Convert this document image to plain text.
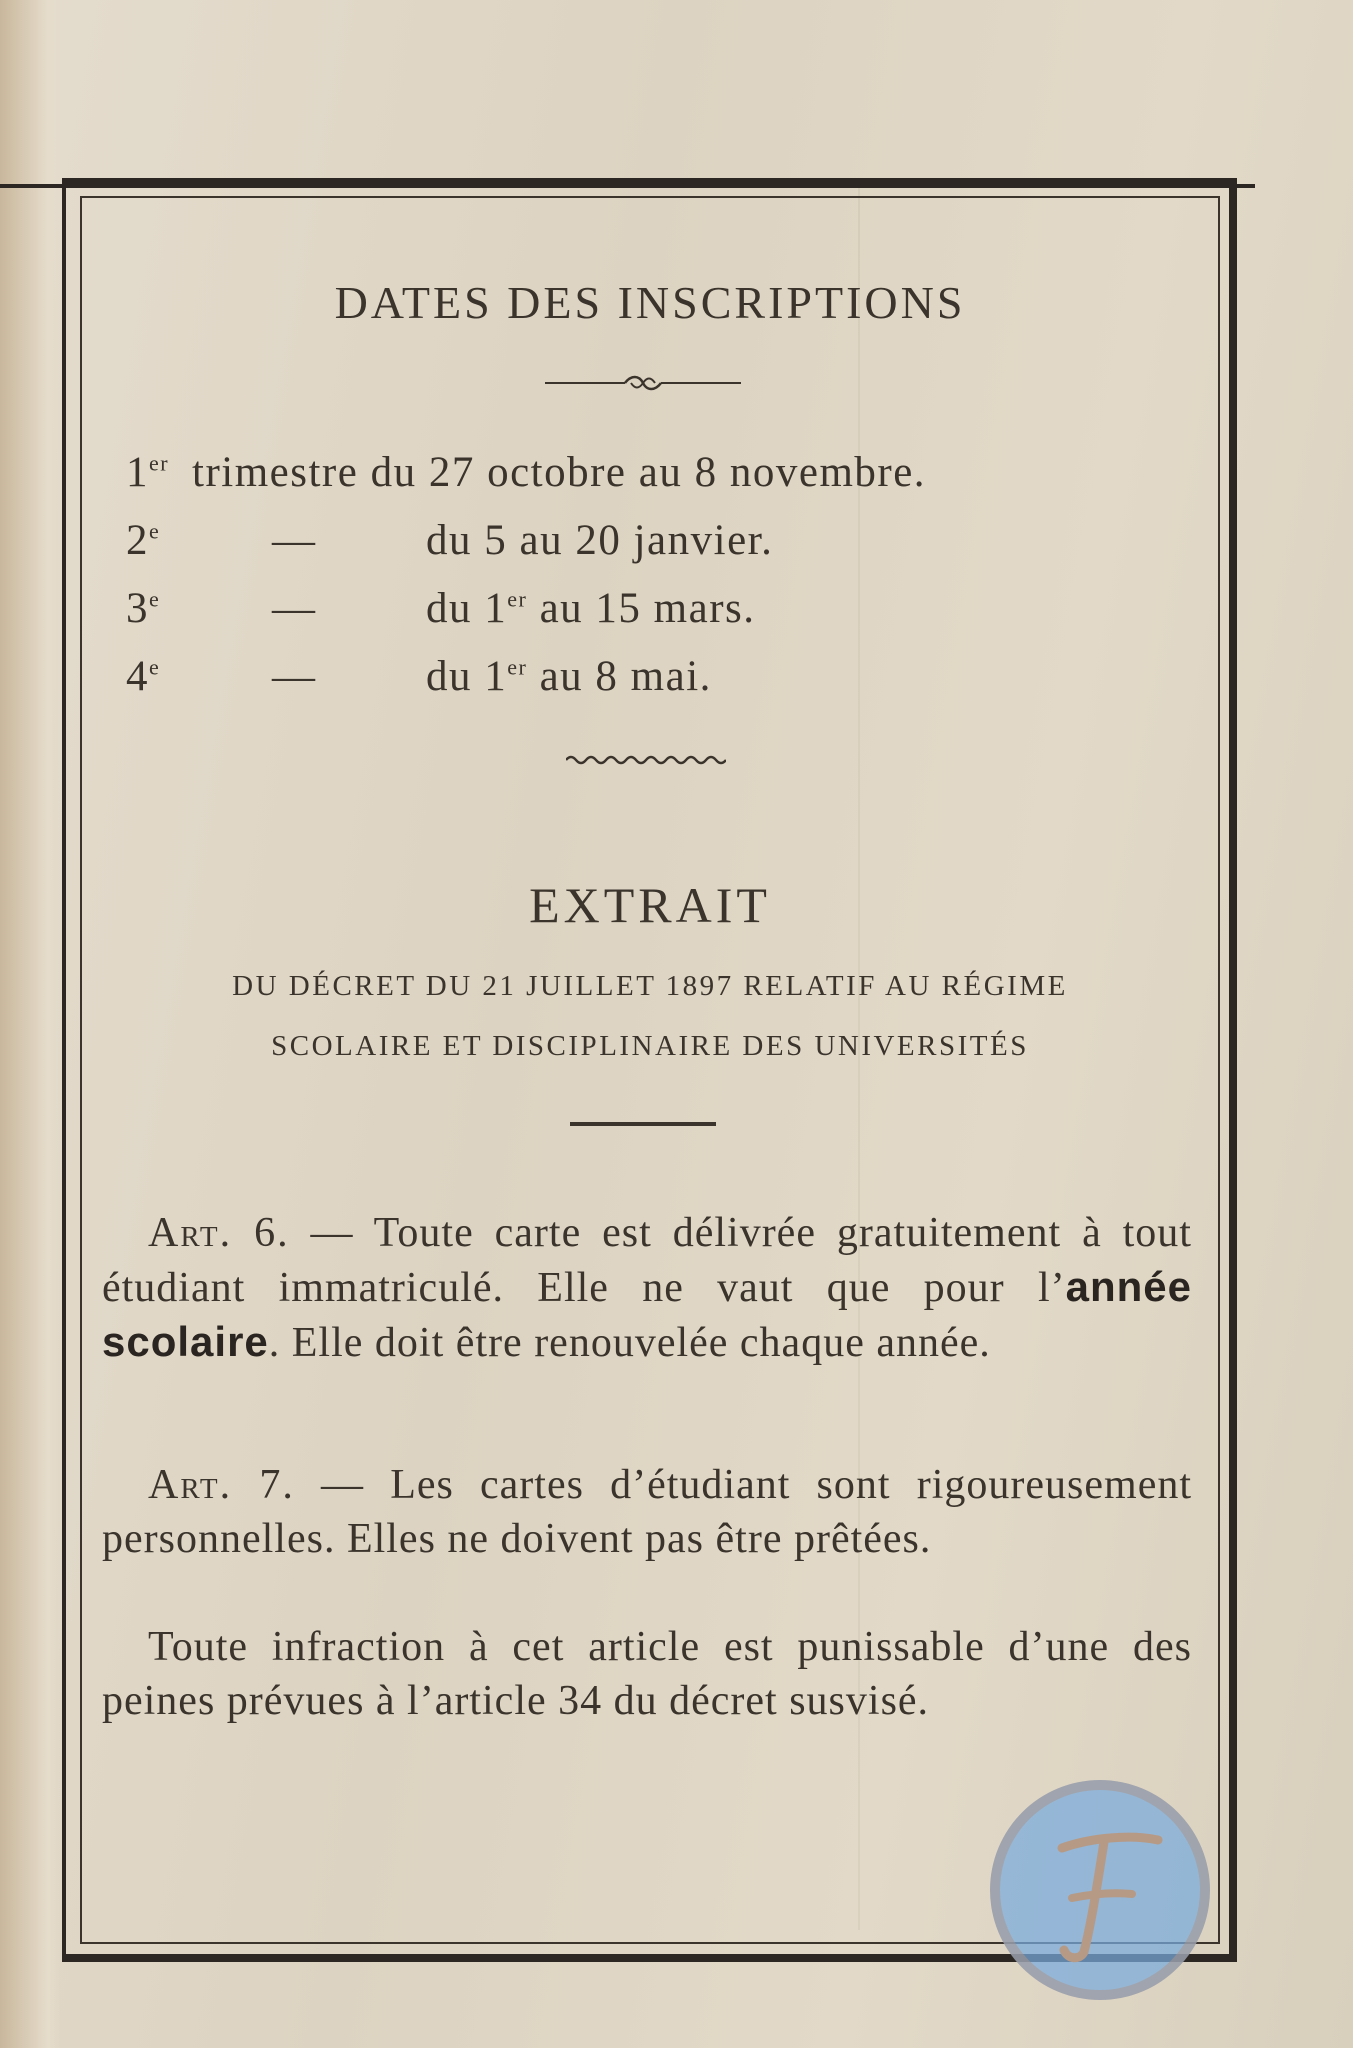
DATES DES INSCRIPTIONS
1er trimestre du 27 octobre au 8 novembre.
2e	—	du 5 au 20 janvier.
3e	—	du 1er au 15 mars.
4e	—	du 1er au 8 mai.
EXTRAIT
DU DÉCRET DU 21 JUILLET 1897 RELATIF AU RÉGIME
SCOLAIRE ET DISCIPLINAIRE DES UNIVERSITÉS
Art. 6. — Toute carte est délivrée gratuitement à tout étudiant immatriculé. Elle ne vaut que pour l’année scolaire. Elle doit être renouvelée chaque année.
Art. 7. — Les cartes d’étudiant sont rigoureusement personnelles. Elles ne doivent pas être prêtées.
Toute infraction à cet article est punissable d’une des peines prévues à l’article 34 du décret susvisé.
